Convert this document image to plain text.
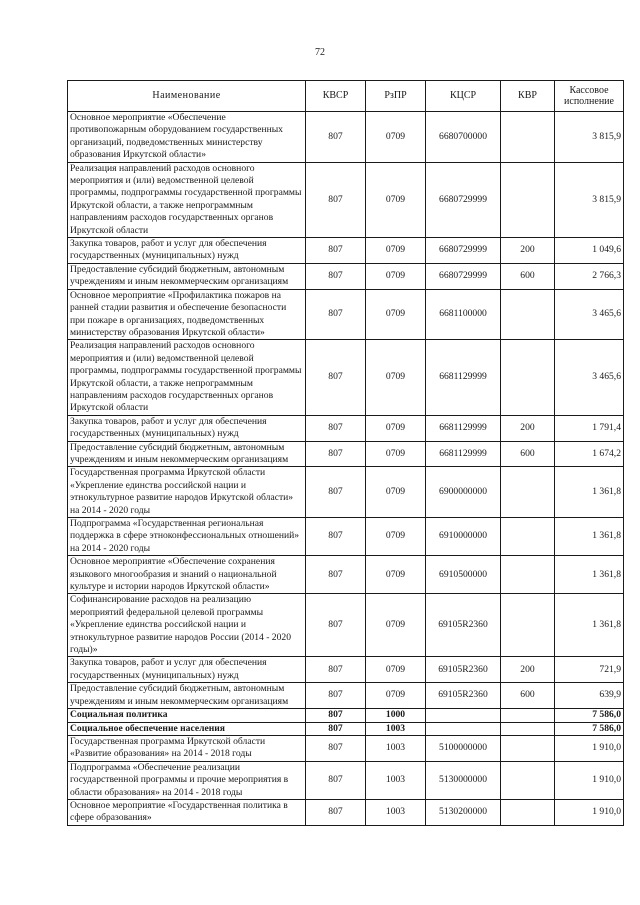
72
Наименование	КВСР	РзПР	КЦСР	КВР	Кассовое исполнение
Основное мероприятие «Обеспечение противопожарным оборудованием государственных организаций, подведомственных министерству образования Иркутской области»	807	0709	6680700000		3 815,9
Реализация направлений расходов основного мероприятия и (или) ведомственной целевой программы, подпрограммы государственной программы Иркутской области, а также непрограммным направлениям расходов государственных органов Иркутской области	807	0709	6680729999		3 815,9
Закупка товаров, работ и услуг для обеспечения государственных (муниципальных) нужд	807	0709	6680729999	200	1 049,6
Предоставление субсидий бюджетным, автономным учреждениям и иным некоммерческим организациям	807	0709	6680729999	600	2 766,3
Основное мероприятие «Профилактика пожаров на ранней стадии развития и обеспечение безопасности при пожаре в организациях, подведомственных министерству образования Иркутской области»	807	0709	6681100000		3 465,6
Реализация направлений расходов основного мероприятия и (или) ведомственной целевой программы, подпрограммы государственной программы Иркутской области, а также непрограммным направлениям расходов государственных органов Иркутской области	807	0709	6681129999		3 465,6
Закупка товаров, работ и услуг для обеспечения государственных (муниципальных) нужд	807	0709	6681129999	200	1 791,4
Предоставление субсидий бюджетным, автономным учреждениям и иным некоммерческим организациям	807	0709	6681129999	600	1 674,2
Государственная программа Иркутской области «Укрепление единства российской нации и этнокультурное развитие народов Иркутской области» на 2014 - 2020 годы	807	0709	6900000000		1 361,8
Подпрограмма «Государственная региональная поддержка в сфере этноконфессиональных отношений» на 2014 - 2020 годы	807	0709	6910000000		1 361,8
Основное мероприятие «Обеспечение сохранения языкового многообразия и знаний о национальной культуре и истории народов Иркутской области»	807	0709	6910500000		1 361,8
Софинансирование расходов на реализацию мероприятий федеральной целевой программы «Укрепление единства российской нации и этнокультурное развитие народов России (2014 - 2020 годы)»	807	0709	69105R2360		1 361,8
Закупка товаров, работ и услуг для обеспечения государственных (муниципальных) нужд	807	0709	69105R2360	200	721,9
Предоставление субсидий бюджетным, автономным учреждениям и иным некоммерческим организациям	807	0709	69105R2360	600	639,9
Социальная политика	807	1000			7 586,0
Социальное обеспечение населения	807	1003			7 586,0
Государственная программа Иркутской области «Развитие образования» на 2014 - 2018 годы	807	1003	5100000000		1 910,0
Подпрограмма «Обеспечение реализации государственной программы и прочие мероприятия в области образования» на 2014 - 2018 годы	807	1003	5130000000		1 910,0
Основное мероприятие «Государственная политика в сфере образования»	807	1003	5130200000		1 910,0
